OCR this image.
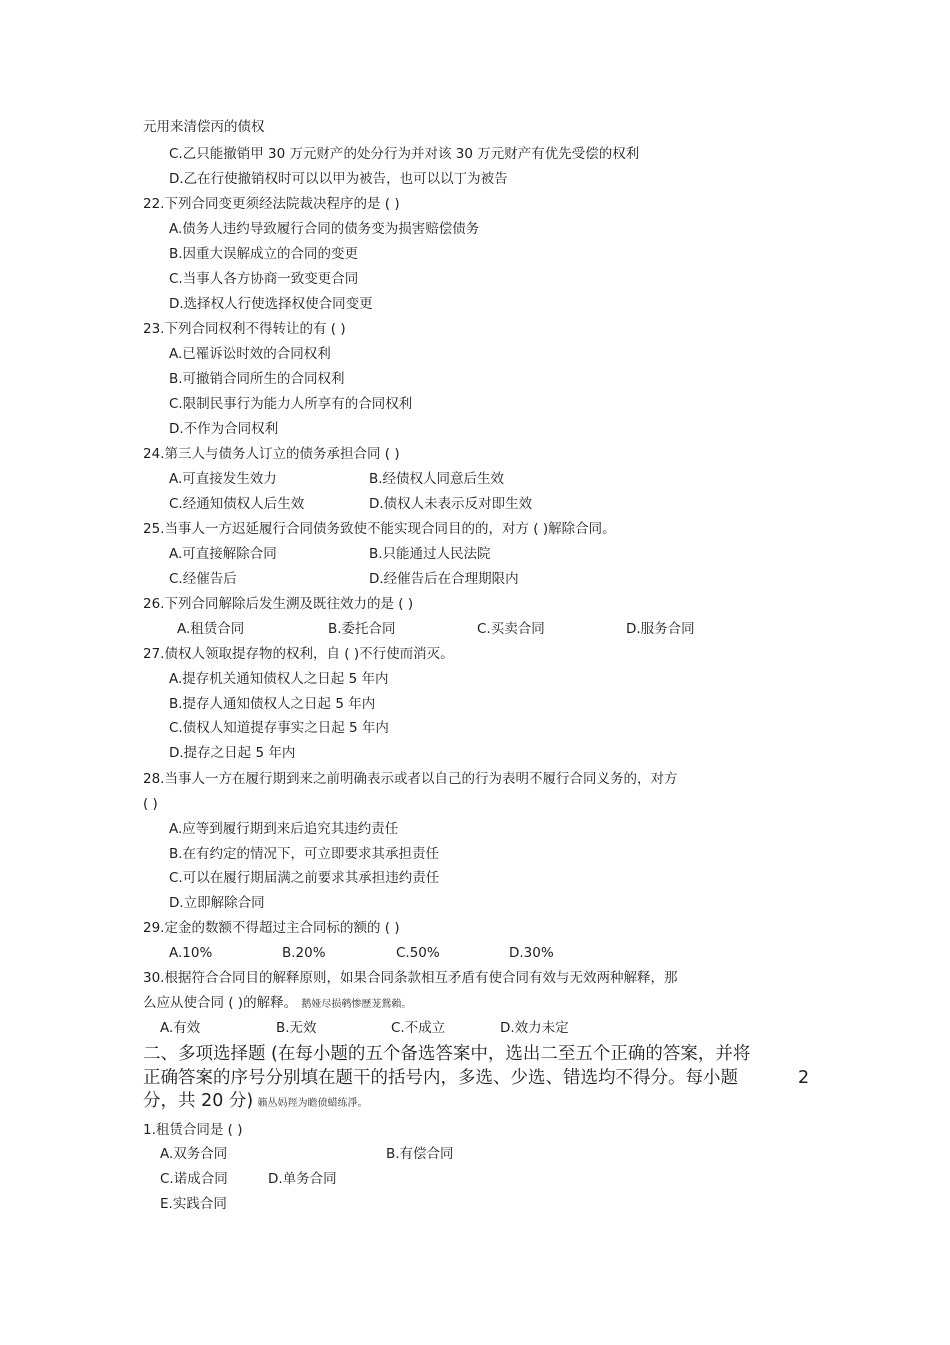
元用来清偿丙的债权
C.乙只能撤销甲 30 万元财产的处分行为并对该 30 万元财产有优先受偿的权利
D.乙在行使撤销权时可以以甲为被告，也可以以丁为被告
22.下列合同变更须经法院裁决程序的是 ( )
A.债务人违约导致履行合同的债务变为损害赔偿债务
B.因重大误解成立的合同的变更
C.当事人各方协商一致变更合同
D.选择权人行使选择权使合同变更
23.下列合同权利不得转让的有 ( )
A.已罹诉讼时效的合同权利
B.可撤销合同所生的合同权利
C.限制民事行为能力人所享有的合同权利
D.不作为合同权利
24.第三人与债务人订立的债务承担合同 ( )
A.可直接发生效力	B.经债权人同意后生效
C.经通知债权人后生效	D.债权人未表示反对即生效
25.当事人一方迟延履行合同债务致使不能实现合同目的的，对方 ( )解除合同。
A.可直接解除合同	B.只能通过人民法院
C.经催告后	D.经催告后在合理期限内
26.下列合同解除后发生溯及既往效力的是 ( )
A.租赁合同	B.委托合同	C.买卖合同	D.服务合同
27.债权人领取提存物的权利，自 ( )不行使而消灭。
A.提存机关通知债权人之日起 5 年内
B.提存人通知债权人之日起 5 年内
C.债权人知道提存事实之日起 5 年内
D.提存之日起 5 年内
28.当事人一方在履行期到来之前明确表示或者以自己的行为表明不履行合同义务的，对方
( )
A.应等到履行期到来后追究其违约责任
B.在有约定的情况下，可立即要求其承担责任
C.可以在履行期届满之前要求其承担违约责任
D.立即解除合同
29.定金的数额不得超过主合同标的额的 ( )
A.10%	B.20%	C.50%	D.30%
30.根据符合合同目的解释原则，如果合同条款相互矛盾有使合同有效与无效两种解释，那
么应从使合同 ( )的解释。 鹅娅尽损鹌惨歷茏鴛賴。
A.有效	B.无效	C.不成立	D.效力未定
二、多项选择题 (在每小题的五个备选答案中，选出二至五个正确的答案，并将
正确答案的序号分别填在题干的括号内，多选、少选、错选均不得分。每小题	2
分，共 20 分) 籟丛妈羥为瞻偾蜡练淨。
1.租赁合同是 ( )
A.双务合同	B.有偿合同
C.诺成合同	D.单务合同
E.实践合同
